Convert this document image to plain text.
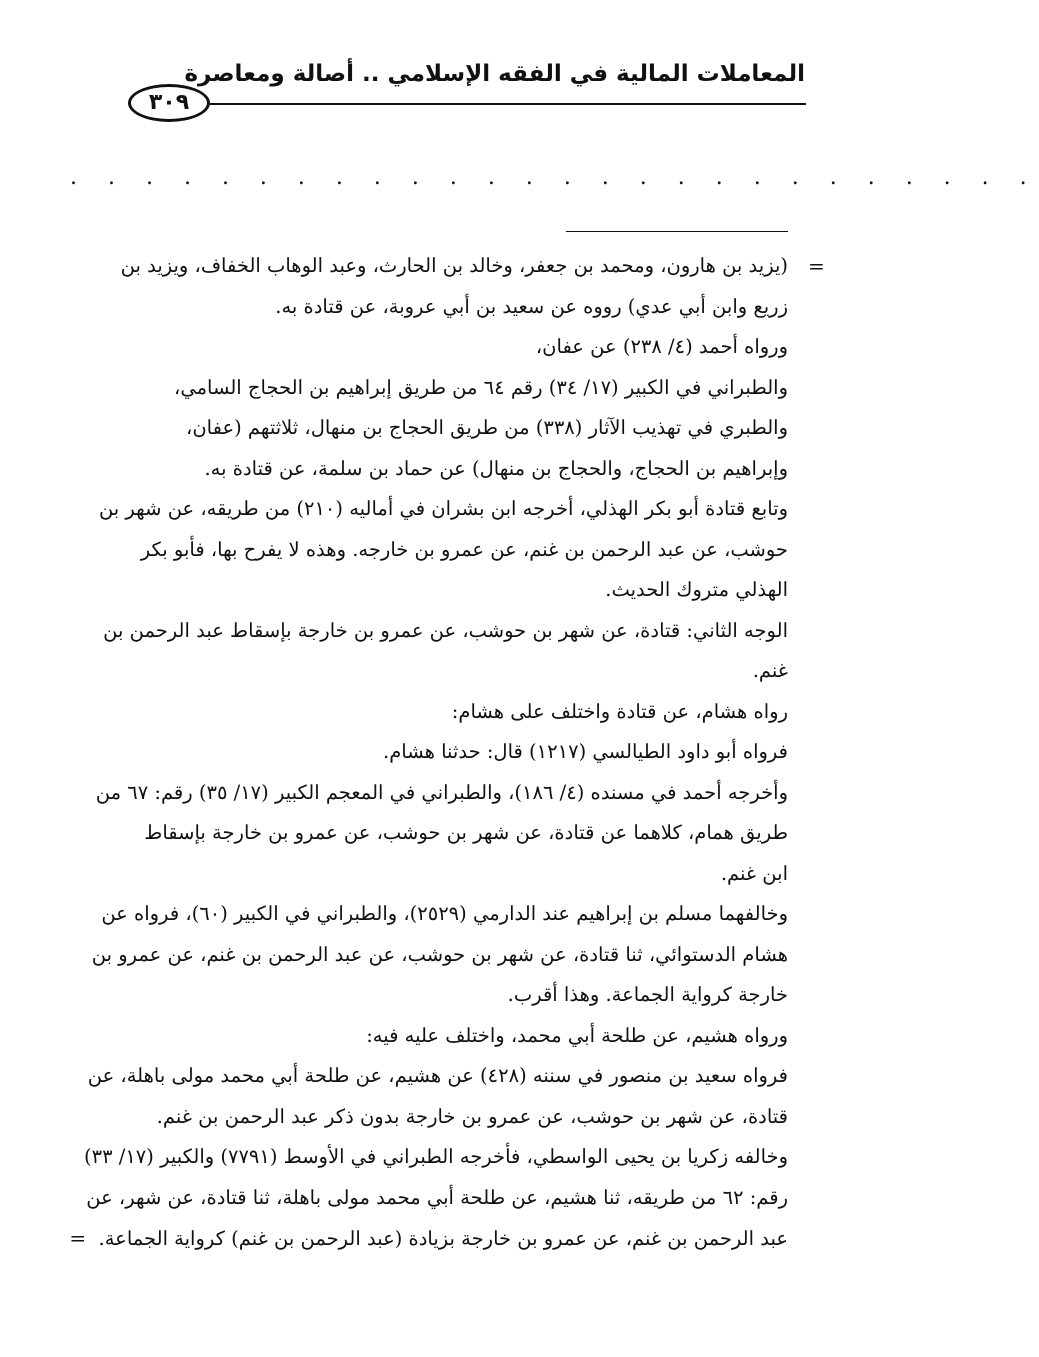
المعاملات المالية في الفقه الإسلامي .. أصالة ومعاصرة
٣٠٩
. . . . . . . . . . . . . . . . . . . . . . . . . .
=
(يزيد بن هارون، ومحمد بن جعفر، وخالد بن الحارث، وعبد الوهاب الخفاف، ويزيد بن
زريع وابن أبي عدي) رووه عن سعيد بن أبي عروبة، عن قتادة به.
ورواه أحمد (٤/ ٢٣٨) عن عفان،
والطبراني في الكبير (١٧/ ٣٤) رقم ٦٤ من طريق إبراهيم بن الحجاج السامي،
والطبري في تهذيب الآثار (٣٣٨) من طريق الحجاج بن منهال، ثلاثتهم (عفان،
وإبراهيم بن الحجاج، والحجاج بن منهال) عن حماد بن سلمة، عن قتادة به.
وتابع قتادة أبو بكر الهذلي، أخرجه ابن بشران في أماليه (٢١٠) من طريقه، عن شهر بن
حوشب، عن عبد الرحمن بن غنم، عن عمرو بن خارجه. وهذه لا يفرح بها، فأبو بكر
الهذلي متروك الحديث.
الوجه الثاني: قتادة، عن شهر بن حوشب، عن عمرو بن خارجة بإسقاط عبد الرحمن بن
غنم.
رواه هشام، عن قتادة واختلف على هشام:
فرواه أبو داود الطيالسي (١٢١٧) قال: حدثنا هشام.
وأخرجه أحمد في مسنده (٤/ ١٨٦)، والطبراني في المعجم الكبير (١٧/ ٣٥) رقم: ٦٧ من
طريق همام، كلاهما عن قتادة، عن شهر بن حوشب، عن عمرو بن خارجة بإسقاط
ابن غنم.
وخالفهما مسلم بن إبراهيم عند الدارمي (٢٥٢٩)، والطبراني في الكبير (٦٠)، فرواه عن
هشام الدستوائي، ثنا قتادة، عن شهر بن حوشب، عن عبد الرحمن بن غنم، عن عمرو بن
خارجة كرواية الجماعة. وهذا أقرب.
ورواه هشيم، عن طلحة أبي محمد، واختلف عليه فيه:
فرواه سعيد بن منصور في سننه (٤٢٨) عن هشيم، عن طلحة أبي محمد مولى باهلة، عن
قتادة، عن شهر بن حوشب، عن عمرو بن خارجة بدون ذكر عبد الرحمن بن غنم.
وخالفه زكريا بن يحيى الواسطي، فأخرجه الطبراني في الأوسط (٧٧٩١) والكبير (١٧/ ٣٣)
رقم: ٦٢ من طريقه، ثنا هشيم، عن طلحة أبي محمد مولى باهلة، ثنا قتادة، عن شهر، عن
عبد الرحمن بن غنم، عن عمرو بن خارجة بزيادة (عبد الرحمن بن غنم) كرواية الجماعة.  =
